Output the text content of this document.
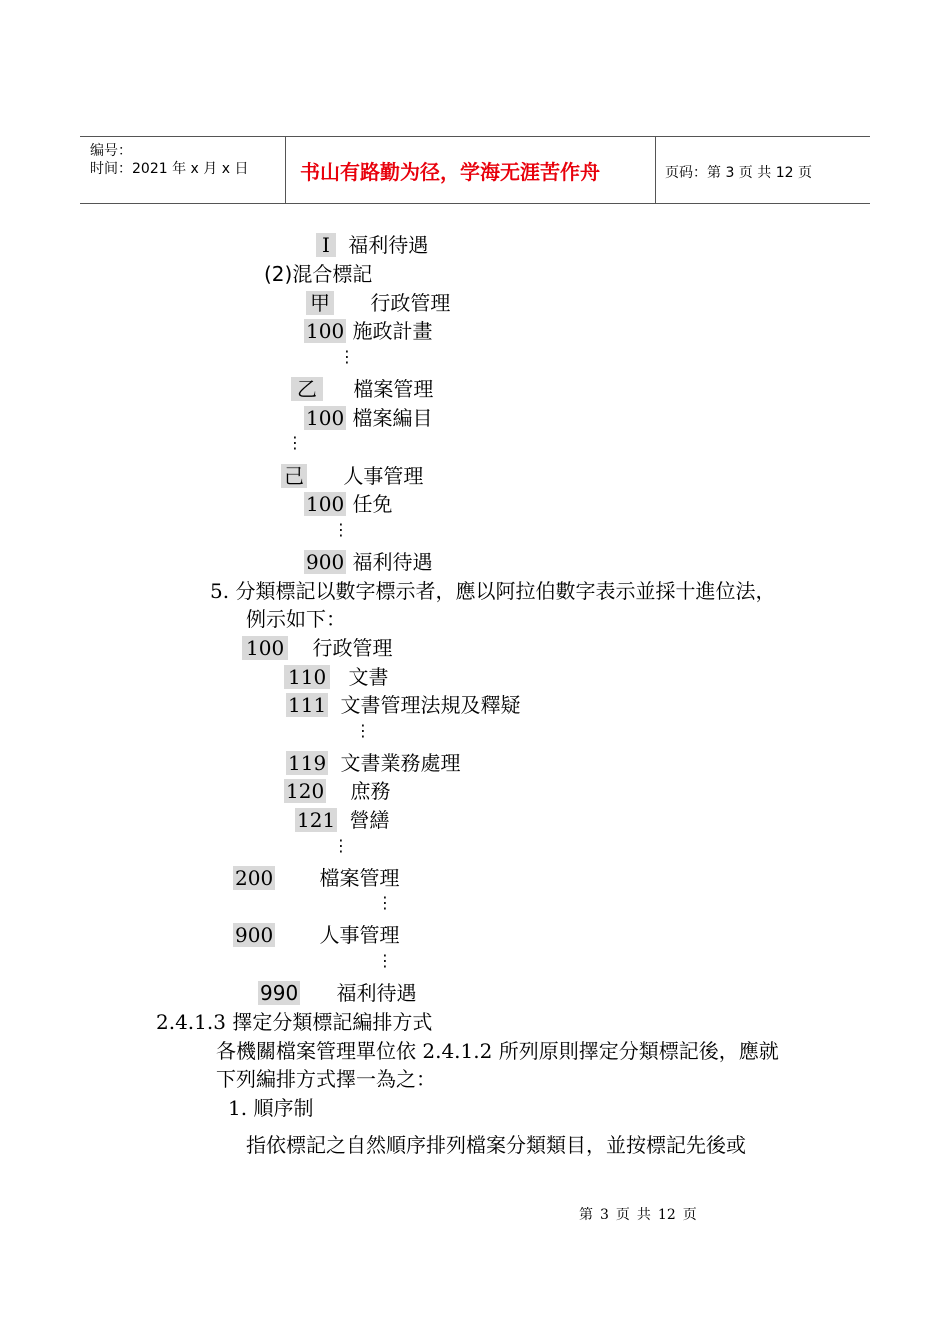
编号：
时间：2021 年 x 月 x 日	书山有路勤为径，学海无涯苦作舟	页码：第 3 页 共 12 页
I 福利待遇
(2)混合標記
甲 行政管理
100 施政計畫
⋮
乙 檔案管理
100 檔案編目
⋮
己 人事管理
100 任免
⋮
900 福利待遇
5. 分類標記以數字標示者，應以阿拉伯數字表示並採十進位法，
例示如下：
100 行政管理
110 文書
111 文書管理法規及釋疑
⋮
119 文書業務處理
120 庶務
121 營繕
⋮
200 檔案管理
⋮
900 人事管理
⋮
990 福利待遇
2.4.1.3 擇定分類標記編排方式
各機關檔案管理單位依 2.4.1.2 所列原則擇定分類標記後，應就
下列編排方式擇一為之：
1. 順序制
指依標記之自然順序排列檔案分類類目，並按標記先後或
第 3 页 共 12 页
